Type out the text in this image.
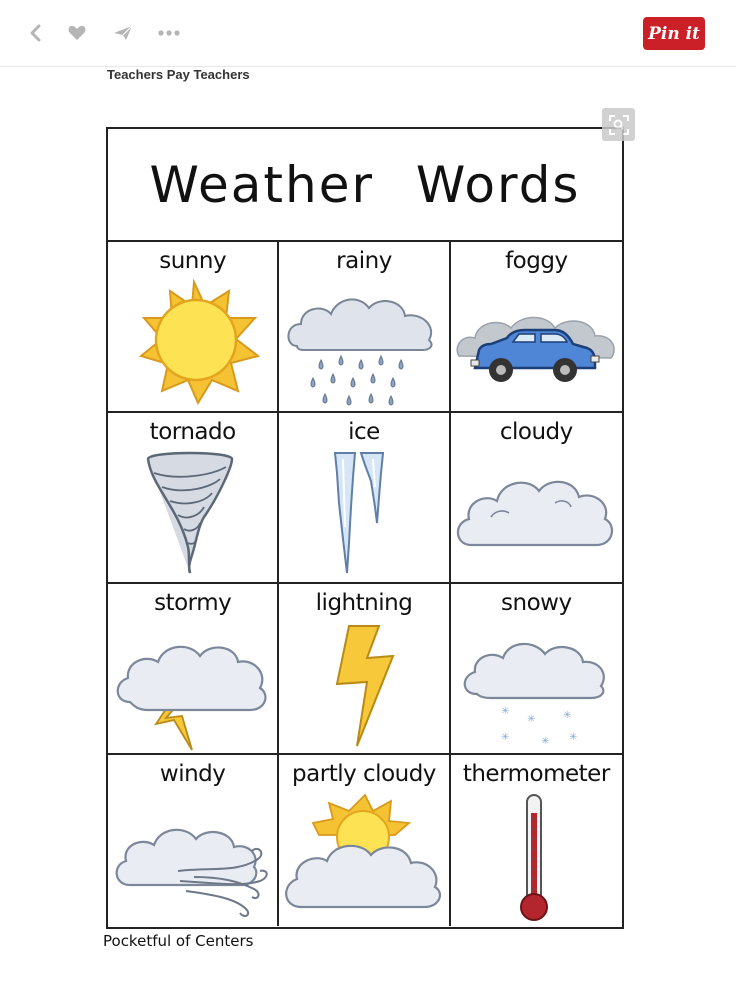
Pin it
Teachers Pay Teachers
Weather Words
sunny	rainy	foggy
tornado	ice	cloudy
stormy	lightning	snowy
✳
✳	✳
✳	✳ ✳
windy	partly cloudy	thermometer
Pocketful of Centers
